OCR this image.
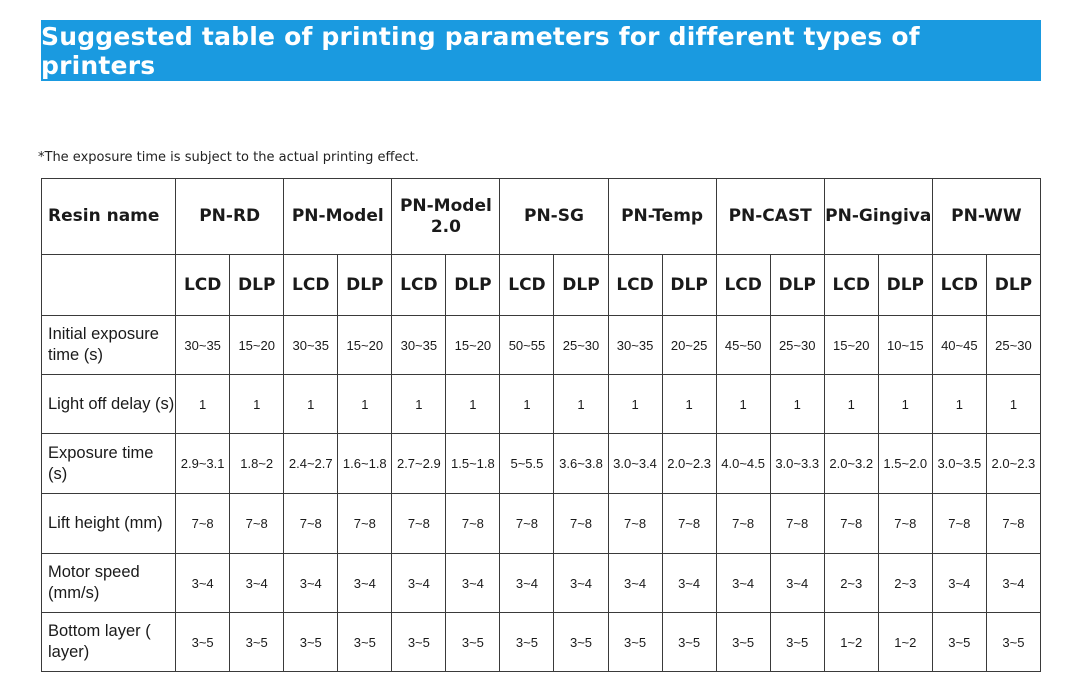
Suggested table of printing parameters for different types of printers
*The exposure time is subject to the actual printing effect.
Resin name	PN-RD		PN-Model		PN-Model 2.0		PN-SG		PN-Temp		PN-CAST		PN-Gingiva		PN-WW	
	LCD	DLP	LCD	DLP	LCD	DLP	LCD	DLP	LCD	DLP	LCD	DLP	LCD	DLP	LCD	DLP
Initial exposure time (s)	30~35	15~20	30~35	15~20	30~35	15~20	50~55	25~30	30~35	20~25	45~50	25~30	15~20	10~15	40~45	25~30
Light off delay (s)	1	1	1	1	1	1	1	1	1	1	1	1	1	1	1	1
Exposure time (s)	2.9~3.1	1.8~2	2.4~2.7	1.6~1.8	2.7~2.9	1.5~1.8	5~5.5	3.6~3.8	3.0~3.4	2.0~2.3	4.0~4.5	3.0~3.3	2.0~3.2	1.5~2.0	3.0~3.5	2.0~2.3
Lift height (mm)	7~8	7~8	7~8	7~8	7~8	7~8	7~8	7~8	7~8	7~8	7~8	7~8	7~8	7~8	7~8	7~8
Motor speed (mm/s)	3~4	3~4	3~4	3~4	3~4	3~4	3~4	3~4	3~4	3~4	3~4	3~4	2~3	2~3	3~4	3~4
Bottom layer ( layer)	3~5	3~5	3~5	3~5	3~5	3~5	3~5	3~5	3~5	3~5	3~5	3~5	1~2	1~2	3~5	3~5
